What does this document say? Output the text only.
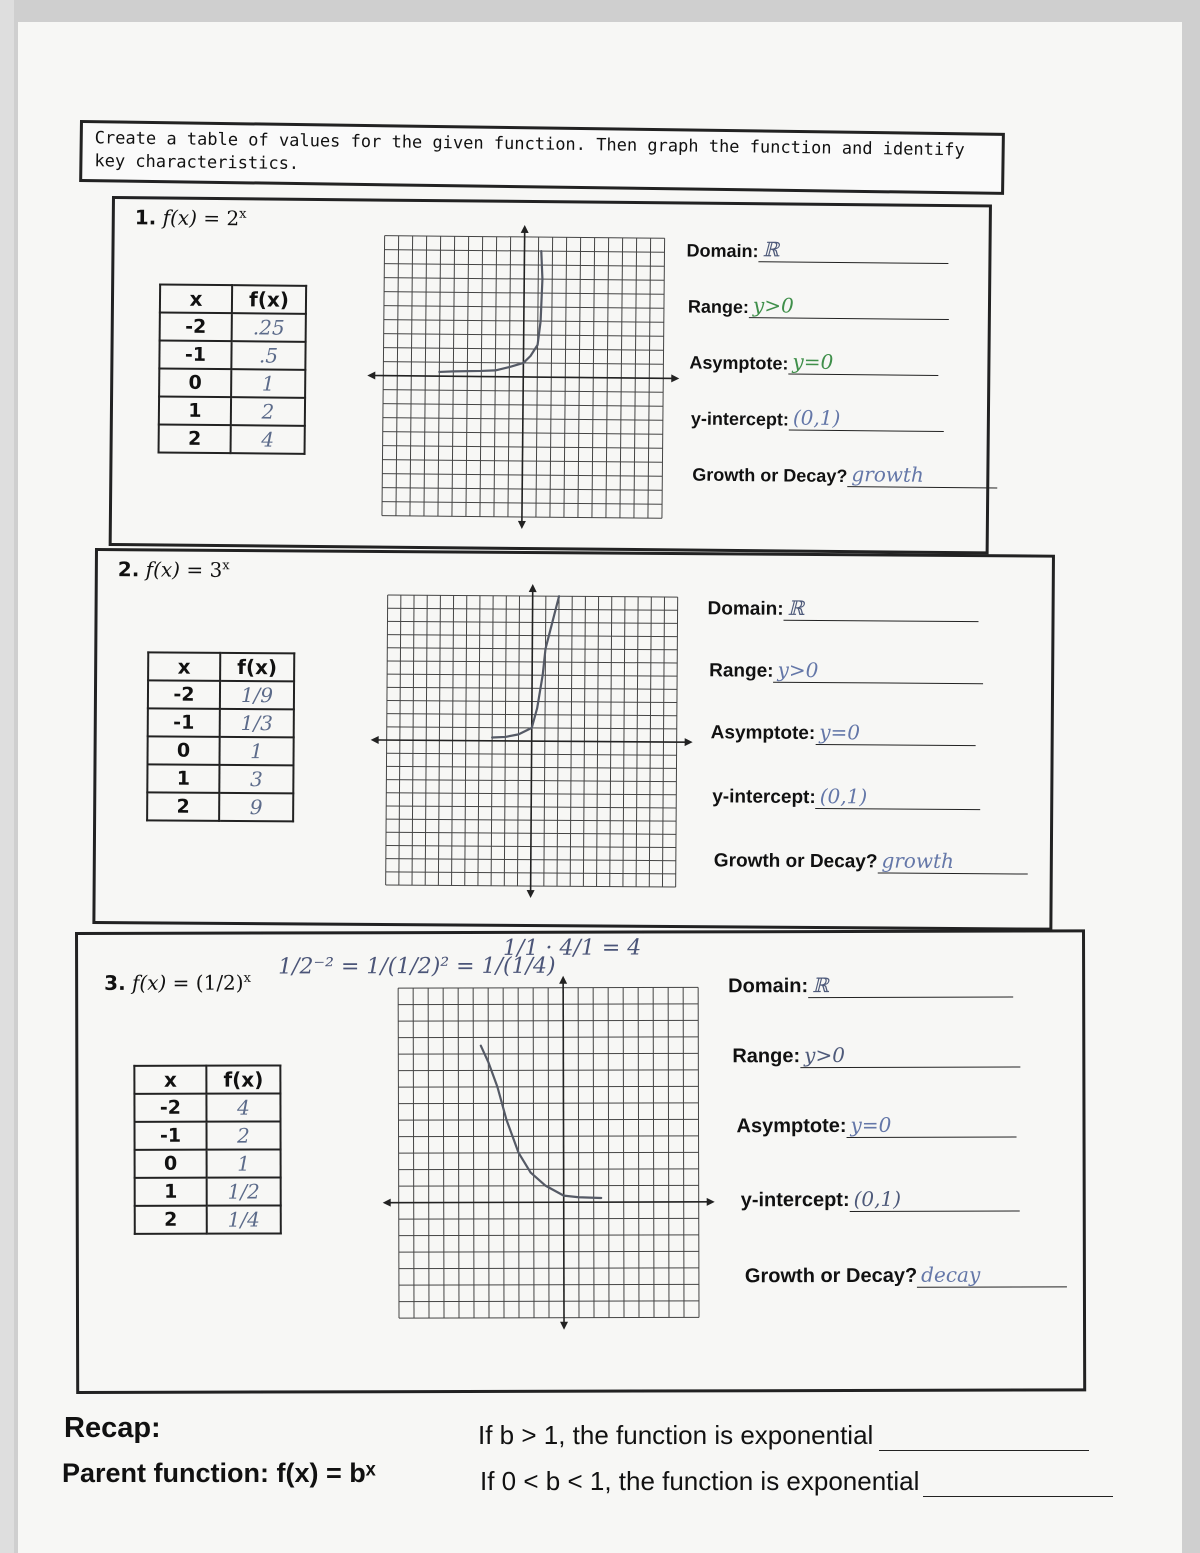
Create a table of values for the given function. Then graph the function and identify key characteristics.
1. $f(x) = 2^x$
x	f(x)
-2	.25
-1	.5
0	1
1	2
2	4
Domain: ℝ
Range: y>0
Asymptote: y=0
y-intercept: (0,1)
Growth or Decay? growth
2. $f(x) = 3^x$
x	f(x)
-2	1/9
-1	1/3
0	1
1	3
2	9
Domain: ℝ
Range: y>0
Asymptote: y=0
y-intercept: (0,1)
Growth or Decay? growth
3. $f(x) = (1/2)^x$ 1/2⁻² = 1/(1/2)² = 1/(1/4)
1/1 · 4/1 = 4
x	f(x)
-2	4
-1	2
0	1
1	1/2
2	1/4
Domain: ℝ
Range: y>0
Asymptote: y=0
y-intercept: (0,1)
Growth or Decay? decay
Recap:
Parent function: f(x) = bˣ
If b > 1, the function is exponential
If 0 < b < 1, the function is exponential
